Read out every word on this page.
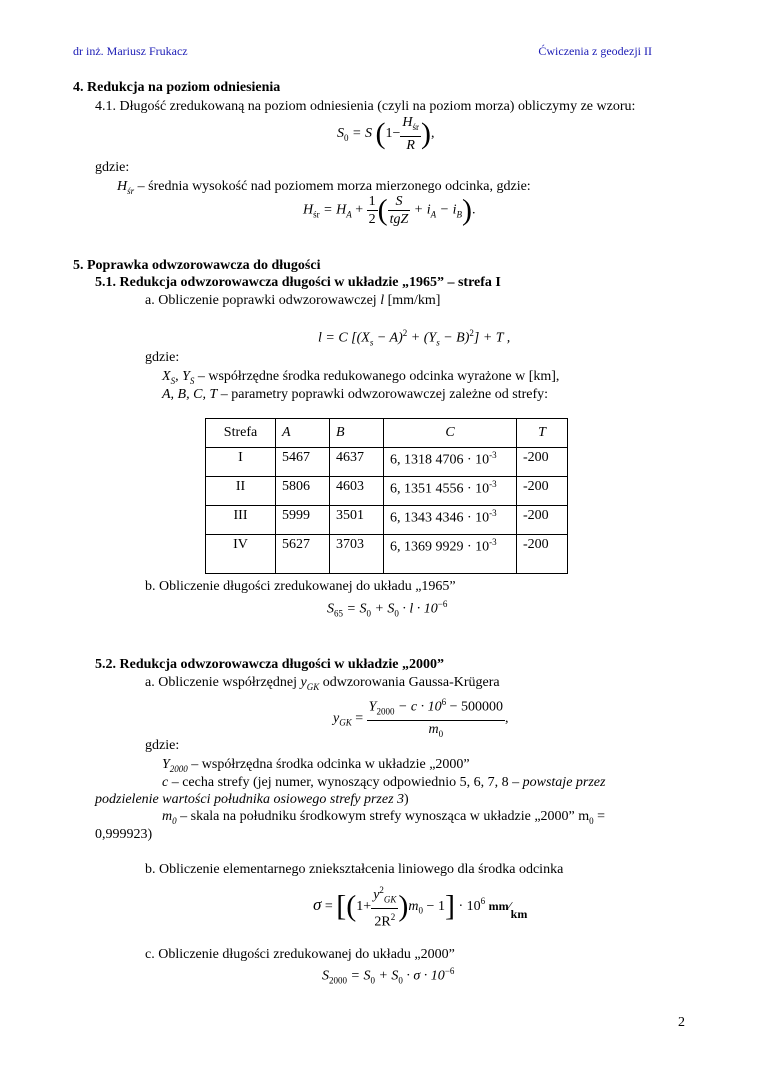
dr inż. Mariusz Frukacz	Ćwiczenia z geodezji II
4. Redukcja na poziom odniesienia
4.1. Długość zredukowaną na poziom odniesienia (czyli na poziom morza) obliczymy ze wzoru:
$S_0 = S$ ($1- \frac{H_{śr}}{R}$ ),
gdzie:
$H_{śr}$ – średnia wysokość nad poziomem morza mierzonego odcinka, gdzie:
$H_{śr} = H_A + \frac{1}{2}$ ( $\frac{S}{\text{tgZ}} + i_A - i_B$).
5. Poprawka odwzorowawcza do długości
5.1. Redukcja odwzorowawcza długości w układzie „1965” – strefa I
a. Obliczenie poprawki odwzorowawczej l [mm/km]
l = C $[(X_s - A)^2 + (Y_s - B)^2] + T$ ,
gdzie:
$X_S$, $Y_S$ – współrzędne środka redukowanego odcinka wyrażone w [km],
A, B, C, T – parametry poprawki odwzorowawczej zależne od strefy:
Strefa	A	B	C	T
I	5467	4637	6, 1318 $4706 \cdot 10^{-3}$	-200
II	5806	4603	6, 1351 $4556 \cdot 10^{-3}$	-200
III	5999	3501	6, 1343 $4346 \cdot 10^{-3}$	-200
IV	5627	3703	6, 1369 $9929 \cdot 10^{-3}$	-200
b. Obliczenie długości zredukowanej do układu „1965”
$S_{65} = S_0 + S_0 \cdot l \cdot 10^{-6}$
5.2. Redukcja odwzorowawcza długości w układzie „2000”
a. Obliczenie współrzędnej $y_{GK}$ odwzorowania Gaussa-Krügera
$y_{GK} = \frac{Y_{2000} - c \cdot 10^6 - 500000}{m_0}$ ,
gdzie:
$Y_{2000}$ – współrzędna środka odcinka w układzie „2000”
c – cecha strefy (jej numer, wynoszący odpowiednio 5, 6, 7, 8 – powstaje przez
podzielenie wartości południka osiowego strefy przez 3)
$m_0$ – skala na południku środkowym strefy wynosząca w układzie „2000” $m_0$ =
0,999923)
b. Obliczenie elementarnego zniekształcenia liniowego dla środka odcinka
$\sigma = [(1+ \frac{y^2_{GK}}{2R^2} )m_0 - 1] \cdot 10^6$ mm∕km
c. Obliczenie długości zredukowanej do układu „2000”
$S_{2000} = S_0 + S_0 \cdot \sigma \cdot 10^{-6}$
2
